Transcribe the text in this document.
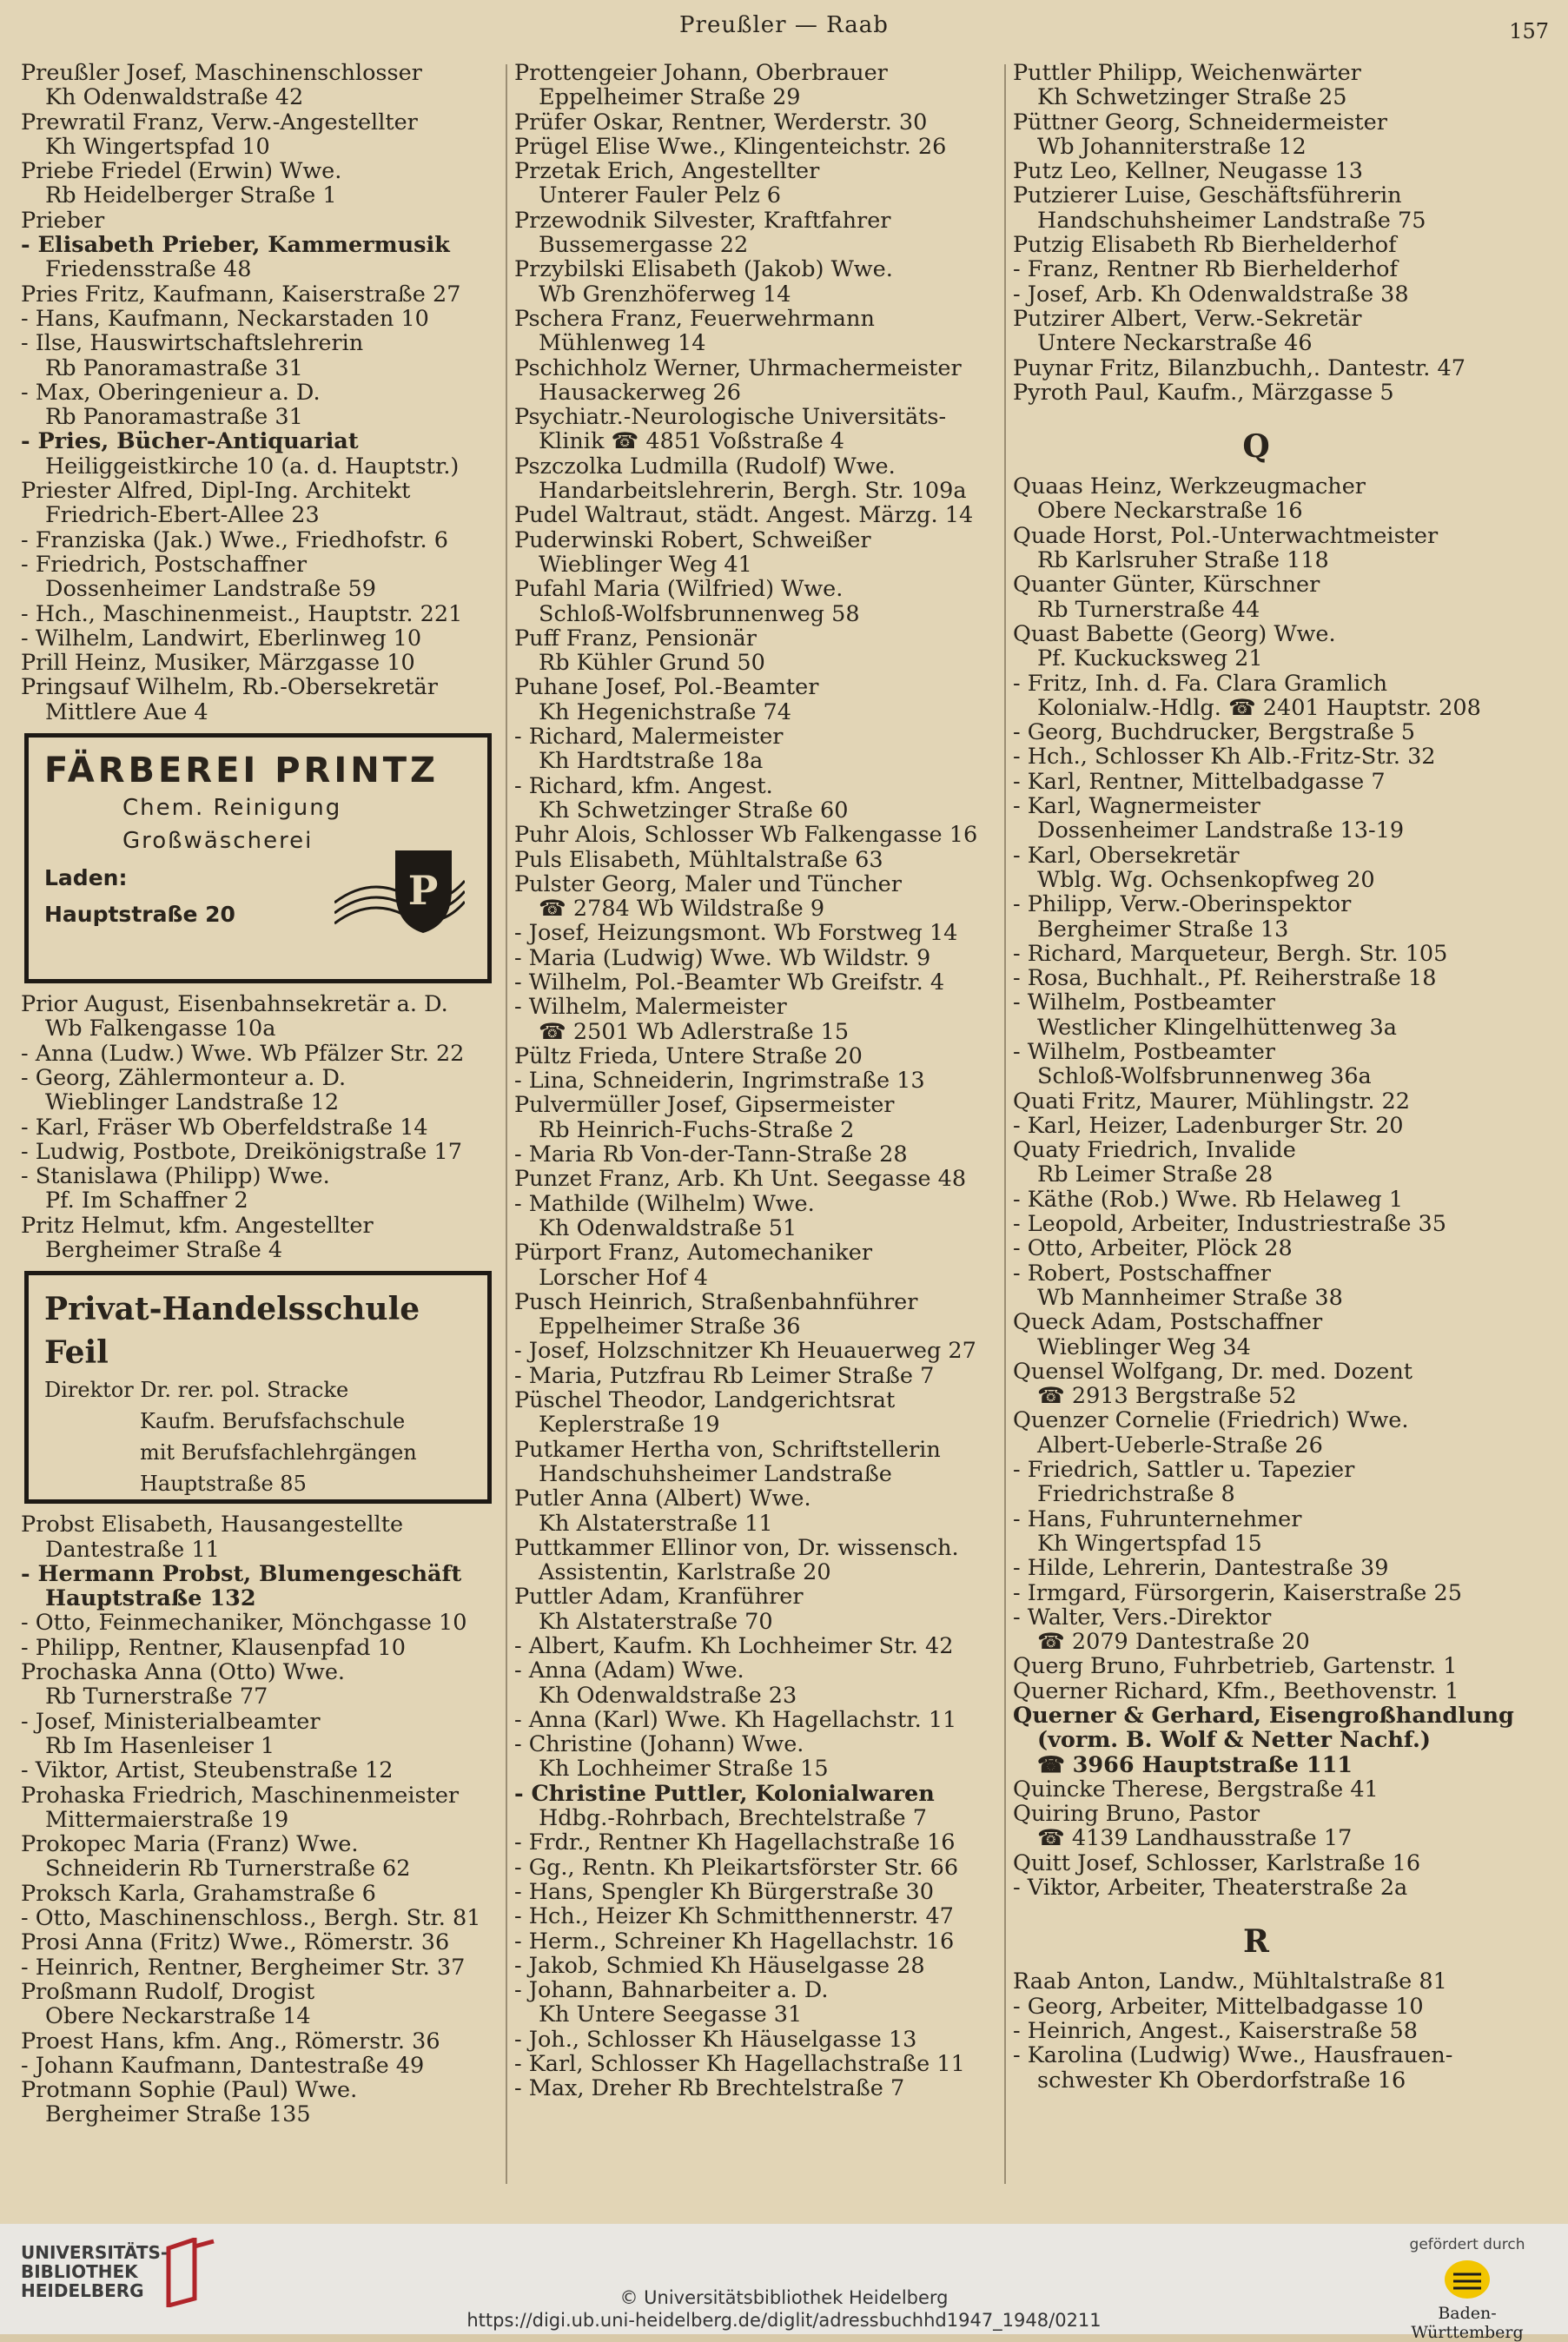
Preußler — Raab	157
Preußler Josef, Maschinenschlosser
Kh Odenwaldstraße 42
Prewratil Franz, Verw.-Angestellter
Kh Wingertspfad 10
Priebe Friedel (Erwin) Wwe.
Rb Heidelberger Straße 1
Prieber
- Elisabeth Prieber, Kammermusik
Friedensstraße 48
Pries Fritz, Kaufmann, Kaiserstraße 27
- Hans, Kaufmann, Neckarstaden 10
- Ilse, Hauswirtschaftslehrerin
Rb Panoramastraße 31
- Max, Oberingenieur a. D.
Rb Panoramastraße 31
- Pries, Bücher-Antiquariat
Heiliggeistkirche 10 (a. d. Hauptstr.)
Priester Alfred, Dipl-Ing. Architekt
Friedrich-Ebert-Allee 23
- Franziska (Jak.) Wwe., Friedhofstr. 6
- Friedrich, Postschaffner
Dossenheimer Landstraße 59
- Hch., Maschinenmeist., Hauptstr. 221
- Wilhelm, Landwirt, Eberlinweg 10
Prill Heinz, Musiker, Märzgasse 10
Pringsauf Wilhelm, Rb.-Obersekretär
Mittlere Aue 4
FÄRBEREI PRINTZ
Chem. Reinigung
Großwäscherei
Laden:
Hauptstraße 20
P
Prior August, Eisenbahnsekretär a. D.
Wb Falkengasse 10a
- Anna (Ludw.) Wwe. Wb Pfälzer Str. 22
- Georg, Zählermonteur a. D.
Wieblinger Landstraße 12
- Karl, Fräser Wb Oberfeldstraße 14
- Ludwig, Postbote, Dreikönigstraße 17
- Stanislawa (Philipp) Wwe.
Pf. Im Schaffner 2
Pritz Helmut, kfm. Angestellter
Bergheimer Straße 4
Privat-Handelsschule Feil
Direktor Dr. rer. pol. Stracke
Kaufm. Berufsfachschule
mit Berufsfachlehrgängen
Hauptstraße 85
Probst Elisabeth, Hausangestellte
Dantestraße 11
- Hermann Probst, Blumengeschäft
Hauptstraße 132
- Otto, Feinmechaniker, Mönchgasse 10
- Philipp, Rentner, Klausenpfad 10
Prochaska Anna (Otto) Wwe.
Rb Turnerstraße 77
- Josef, Ministerialbeamter
Rb Im Hasenleiser 1
- Viktor, Artist, Steubenstraße 12
Prohaska Friedrich, Maschinenmeister
Mittermaierstraße 19
Prokopec Maria (Franz) Wwe.
Schneiderin Rb Turnerstraße 62
Proksch Karla, Grahamstraße 6
- Otto, Maschinenschloss., Bergh. Str. 81
Prosi Anna (Fritz) Wwe., Römerstr. 36
- Heinrich, Rentner, Bergheimer Str. 37
Proßmann Rudolf, Drogist
Obere Neckarstraße 14
Proest Hans, kfm. Ang., Römerstr. 36
- Johann Kaufmann, Dantestraße 49
Protmann Sophie (Paul) Wwe.
Bergheimer Straße 135
Prottengeier Johann, Oberbrauer
Eppelheimer Straße 29
Prüfer Oskar, Rentner, Werderstr. 30
Prügel Elise Wwe., Klingenteichstr. 26
Przetak Erich, Angestellter
Unterer Fauler Pelz 6
Przewodnik Silvester, Kraftfahrer
Bussemergasse 22
Przybilski Elisabeth (Jakob) Wwe.
Wb Grenzhöferweg 14
Pschera Franz, Feuerwehrmann
Mühlenweg 14
Pschichholz Werner, Uhrmachermeister
Hausackerweg 26
Psychiatr.-Neurologische Universitäts-
Klinik ☎ 4851 Voßstraße 4
Pszczolka Ludmilla (Rudolf) Wwe.
Handarbeitslehrerin, Bergh. Str. 109a
Pudel Waltraut, städt. Angest. Märzg. 14
Puderwinski Robert, Schweißer
Wieblinger Weg 41
Pufahl Maria (Wilfried) Wwe.
Schloß-Wolfsbrunnenweg 58
Puff Franz, Pensionär
Rb Kühler Grund 50
Puhane Josef, Pol.-Beamter
Kh Hegenichstraße 74
- Richard, Malermeister
Kh Hardtstraße 18a
- Richard, kfm. Angest.
Kh Schwetzinger Straße 60
Puhr Alois, Schlosser Wb Falkengasse 16
Puls Elisabeth, Mühltalstraße 63
Pulster Georg, Maler und Tüncher
☎ 2784 Wb Wildstraße 9
- Josef, Heizungsmont. Wb Forstweg 14
- Maria (Ludwig) Wwe. Wb Wildstr. 9
- Wilhelm, Pol.-Beamter Wb Greifstr. 4
- Wilhelm, Malermeister
☎ 2501 Wb Adlerstraße 15
Pültz Frieda, Untere Straße 20
- Lina, Schneiderin, Ingrimstraße 13
Pulvermüller Josef, Gipsermeister
Rb Heinrich-Fuchs-Straße 2
- Maria Rb Von-der-Tann-Straße 28
Punzet Franz, Arb. Kh Unt. Seegasse 48
- Mathilde (Wilhelm) Wwe.
Kh Odenwaldstraße 51
Pürport Franz, Automechaniker
Lorscher Hof 4
Pusch Heinrich, Straßenbahnführer
Eppelheimer Straße 36
- Josef, Holzschnitzer Kh Heuauerweg 27
- Maria, Putzfrau Rb Leimer Straße 7
Püschel Theodor, Landgerichtsrat
Keplerstraße 19
Putkamer Hertha von, Schriftstellerin
Handschuhsheimer Landstraße
Putler Anna (Albert) Wwe.
Kh Alstaterstraße 11
Puttkammer Ellinor von, Dr. wissensch.
Assistentin, Karlstraße 20
Puttler Adam, Kranführer
Kh Alstaterstraße 70
- Albert, Kaufm. Kh Lochheimer Str. 42
- Anna (Adam) Wwe.
Kh Odenwaldstraße 23
- Anna (Karl) Wwe. Kh Hagellachstr. 11
- Christine (Johann) Wwe.
Kh Lochheimer Straße 15
- Christine Puttler, Kolonialwaren
Hdbg.-Rohrbach, Brechtelstraße 7
- Frdr., Rentner Kh Hagellachstraße 16
- Gg., Rentn. Kh Pleikartsförster Str. 66
- Hans, Spengler Kh Bürgerstraße 30
- Hch., Heizer Kh Schmitthennerstr. 47
- Herm., Schreiner Kh Hagellachstr. 16
- Jakob, Schmied Kh Häuselgasse 28
- Johann, Bahnarbeiter a. D.
Kh Untere Seegasse 31
- Joh., Schlosser Kh Häuselgasse 13
- Karl, Schlosser Kh Hagellachstraße 11
- Max, Dreher Rb Brechtelstraße 7
Puttler Philipp, Weichenwärter
Kh Schwetzinger Straße 25
Püttner Georg, Schneidermeister
Wb Johanniterstraße 12
Putz Leo, Kellner, Neugasse 13
Putzierer Luise, Geschäftsführerin
Handschuhsheimer Landstraße 75
Putzig Elisabeth Rb Bierhelderhof
- Franz, Rentner Rb Bierhelderhof
- Josef, Arb. Kh Odenwaldstraße 38
Putzirer Albert, Verw.-Sekretär
Untere Neckarstraße 46
Puynar Fritz, Bilanzbuchh,. Dantestr. 47
Pyroth Paul, Kaufm., Märzgasse 5
Q
Quaas Heinz, Werkzeugmacher
Obere Neckarstraße 16
Quade Horst, Pol.-Unterwachtmeister
Rb Karlsruher Straße 118
Quanter Günter, Kürschner
Rb Turnerstraße 44
Quast Babette (Georg) Wwe.
Pf. Kuckucksweg 21
- Fritz, Inh. d. Fa. Clara Gramlich
Kolonialw.-Hdlg. ☎ 2401 Hauptstr. 208
- Georg, Buchdrucker, Bergstraße 5
- Hch., Schlosser Kh Alb.-Fritz-Str. 32
- Karl, Rentner, Mittelbadgasse 7
- Karl, Wagnermeister
Dossenheimer Landstraße 13-19
- Karl, Obersekretär
Wblg. Wg. Ochsenkopfweg 20
- Philipp, Verw.-Oberinspektor
Bergheimer Straße 13
- Richard, Marqueteur, Bergh. Str. 105
- Rosa, Buchhalt., Pf. Reiherstraße 18
- Wilhelm, Postbeamter
Westlicher Klingelhüttenweg 3a
- Wilhelm, Postbeamter
Schloß-Wolfsbrunnenweg 36a
Quati Fritz, Maurer, Mühlingstr. 22
- Karl, Heizer, Ladenburger Str. 20
Quaty Friedrich, Invalide
Rb Leimer Straße 28
- Käthe (Rob.) Wwe. Rb Helaweg 1
- Leopold, Arbeiter, Industriestraße 35
- Otto, Arbeiter, Plöck 28
- Robert, Postschaffner
Wb Mannheimer Straße 38
Queck Adam, Postschaffner
Wieblinger Weg 34
Quensel Wolfgang, Dr. med. Dozent
☎ 2913 Bergstraße 52
Quenzer Cornelie (Friedrich) Wwe.
Albert-Ueberle-Straße 26
- Friedrich, Sattler u. Tapezier
Friedrichstraße 8
- Hans, Fuhrunternehmer
Kh Wingertspfad 15
- Hilde, Lehrerin, Dantestraße 39
- Irmgard, Fürsorgerin, Kaiserstraße 25
- Walter, Vers.-Direktor
☎ 2079 Dantestraße 20
Querg Bruno, Fuhrbetrieb, Gartenstr. 1
Querner Richard, Kfm., Beethovenstr. 1
Querner & Gerhard, Eisengroßhandlung
(vorm. B. Wolf & Netter Nachf.)
☎ 3966 Hauptstraße 111
Quincke Therese, Bergstraße 41
Quiring Bruno, Pastor
☎ 4139 Landhausstraße 17
Quitt Josef, Schlosser, Karlstraße 16
- Viktor, Arbeiter, Theaterstraße 2a
R
Raab Anton, Landw., Mühltalstraße 81
- Georg, Arbeiter, Mittelbadgasse 10
- Heinrich, Angest., Kaiserstraße 58
- Karolina (Ludwig) Wwe., Hausfrauen-
schwester Kh Oberdorfstraße 16
UNIVERSITÄTS-
BIBLIOTHEK
HEIDELBERG	© Universitätsbibliothek Heidelberg
https://digi.ub.uni-heidelberg.de/diglit/adressbuchhd1947_1948/0211
gefördert durch
Baden-Württemberg
